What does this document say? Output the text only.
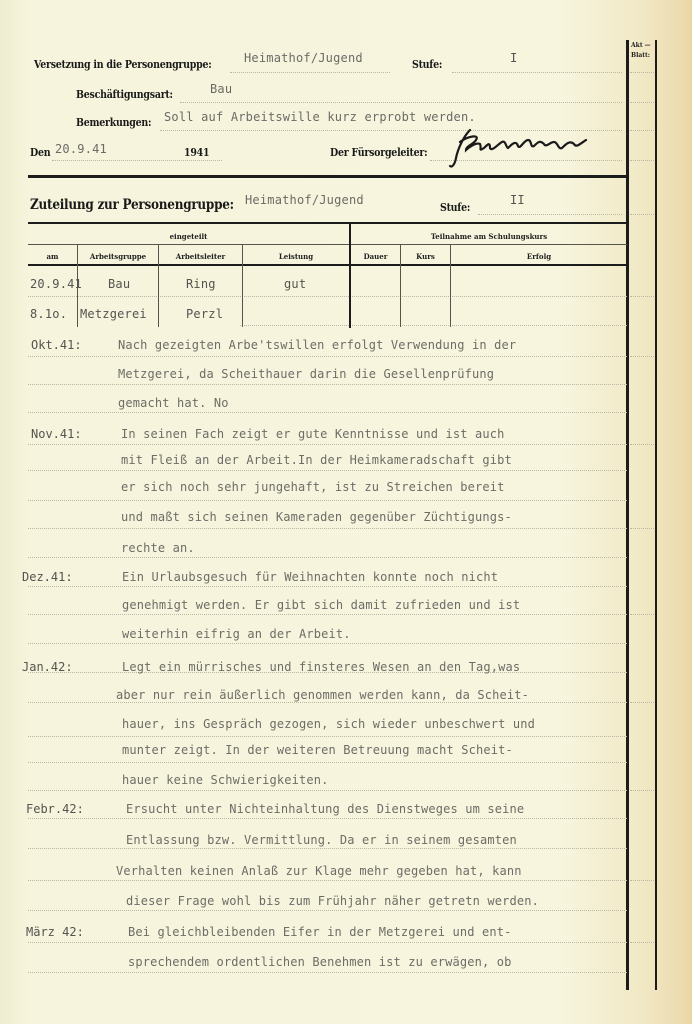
Akt —
Blatt:
Versetzung in die Personengruppe:	Heimathof/Jugend	Stufe:	I
Beschäftigungsart:	Bau
Bemerkungen: Soll auf Arbeitswille kurz erprobt werden.
Den 20.9.41	1941	Der Fürsorgeleiter:
Zuteilung zur Personengruppe: Heimathof/Jugend
Stufe:
II
eingeteilt	Teilnahme am Schulungskurs
am	Arbeitsgruppe	Arbeitsleiter	Leistung	Dauer	Kurs	Erfolg
20.9.41 Bau	Ring	gut
8.1o. Metzgerei	Perzl
Okt.41:	Nach gezeigten Arbe'tswillen erfolgt Verwendung in der
Metzgerei, da Scheithauer darin die Gesellenprüfung
gemacht hat. No
Nov.41:	In seinen Fach zeigt er gute Kenntnisse und ist auch
mit Fleiß an der Arbeit.In der Heimkameradschaft gibt
er sich noch sehr jungehaft, ist zu Streichen bereit
und maßt sich seinen Kameraden gegenüber Züchtigungs-
rechte an.
Dez.41:	Ein Urlaubsgesuch für Weihnachten konnte noch nicht
genehmigt werden. Er gibt sich damit zufrieden und ist
weiterhin eifrig an der Arbeit.
Jan.42:	Legt ein mürrisches und finsteres Wesen an den Tag,was
aber nur rein äußerlich genommen werden kann, da Scheit-
hauer, ins Gespräch gezogen, sich wieder unbeschwert und
munter zeigt. In der weiteren Betreuung macht Scheit-
hauer keine Schwierigkeiten.
Febr.42:	Ersucht unter Nichteinhaltung des Dienstweges um seine
Entlassung bzw. Vermittlung. Da er in seinem gesamten
Verhalten keinen Anlaß zur Klage mehr gegeben hat, kann
dieser Frage wohl bis zum Frühjahr näher getretn werden.
März 42:	Bei gleichbleibenden Eifer in der Metzgerei und ent-
sprechendem ordentlichen Benehmen ist zu erwägen, ob
